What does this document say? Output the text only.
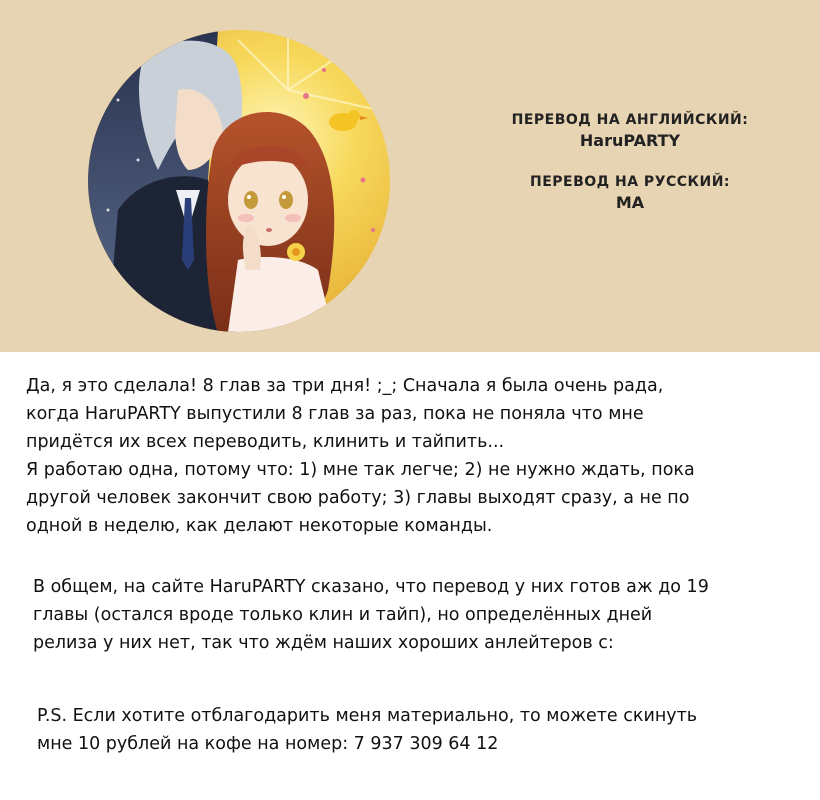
ПЕРЕВОД НА АНГЛИЙСКИЙ:
HaruPARTY
ПЕРЕВОД НА РУССКИЙ:
MA
Да, я это сделала! 8 глав за три дня! ;_; Сначала я была очень рада,
когда HaruPARTY выпустили 8 глав за раз, пока не поняла что мне
придётся их всех переводить, клинить и тайпить...
Я работаю одна, потому что: 1) мне так легче; 2) не нужно ждать, пока
другой человек закончит свою работу; 3) главы выходят сразу, а не по
одной в неделю, как делают некоторые команды.
В общем, на сайте HaruPARTY сказано, что перевод у них готов аж до 19
главы (остался вроде только клин и тайп), но определённых дней
релиза у них нет, так что ждём наших хороших анлейтеров c:
P.S. Если хотите отблагодарить меня материально, то можете скинуть
мне 10 рублей на кофе на номер: 7 937 309 64 12
